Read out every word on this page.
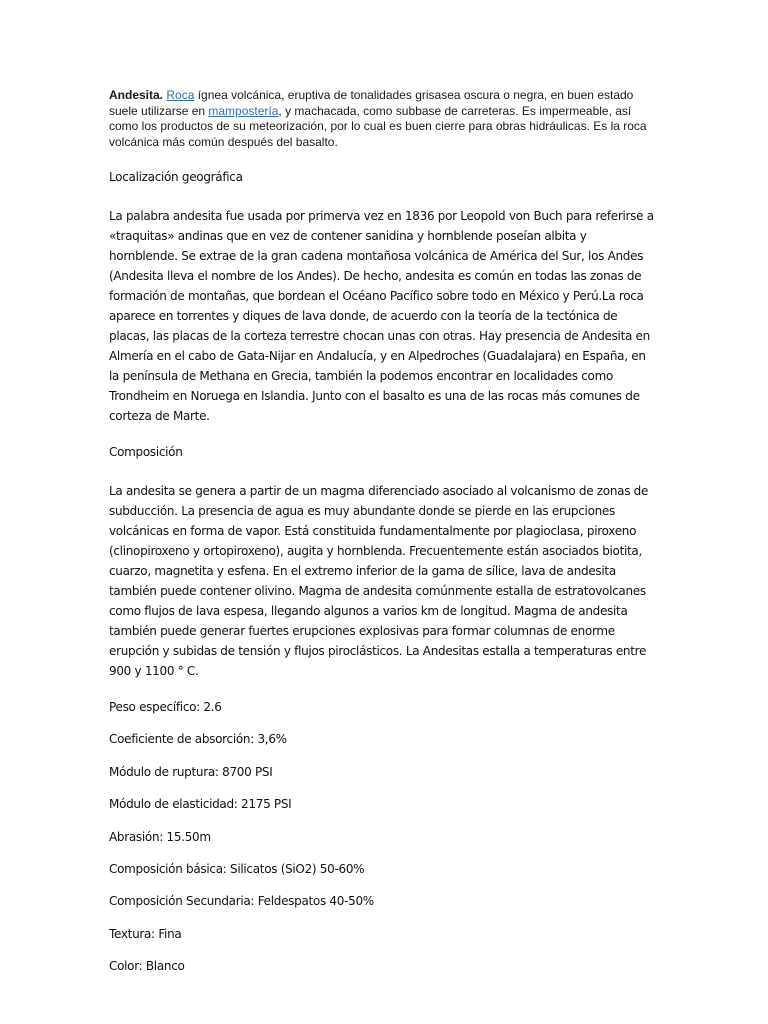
Andesita. Roca ígnea volcánica, eruptiva de tonalidades grisasea oscura o negra, en buen estado suele utilizarse en mampostería, y machacada, como subbase de carreteras. Es impermeable, así como los productos de su meteorización, por lo cual es buen cierre para obras hidráulicas. Es la roca volcánica más común después del basalto.

Localización geográfica

La palabra andesita fue usada por primerva vez en 1836 por Leopold von Buch para referirse a «traquitas» andinas que en vez de contener sanidina y hornblende poseían albita y hornblende. Se extrae de la gran cadena montañosa volcánica de América del Sur, los Andes (Andesita lleva el nombre de los Andes). De hecho, andesita es común en todas las zonas de formación de montañas, que bordean el Océano Pacífico sobre todo en México y Perú.La roca aparece en torrentes y diques de lava donde, de acuerdo con la teoría de la tectónica de placas, las placas de la corteza terrestre chocan unas con otras. Hay presencia de Andesita en Almería en el cabo de Gata-Nijar en Andalucía, y en Alpedroches (Guadalajara) en España, en la península de Methana en Grecia, también la podemos encontrar en localidades como Trondheim en Noruega en Islandia. Junto con el basalto es una de las rocas más comunes de corteza de Marte.

Composición

La andesita se genera a partir de un magma diferenciado asociado al volcanismo de zonas de subducción. La presencia de agua es muy abundante donde se pierde en las erupciones volcánicas en forma de vapor. Está constituida fundamentalmente por plagioclasa, piroxeno (clinopiroxeno y ortopiroxeno), augita y hornblenda. Frecuentemente están asociados biotita, cuarzo, magnetita y esfena. En el extremo inferior de la gama de sílice, lava de andesita también puede contener olivino. Magma de andesita comúnmente estalla de estratovolcanes como flujos de lava espesa, llegando algunos a varios km de longitud. Magma de andesita también puede generar fuertes erupciones explosivas para formar columnas de enorme erupción y subidas de tensión y flujos piroclásticos. La Andesitas estalla a temperaturas entre 900 y 1100 ° C.

Peso específico: 2.6

Coeficiente de absorción: 3,6%

Módulo de ruptura: 8700 PSI

Módulo de elasticidad: 2175 PSI

Abrasión: 15.50m

Composición básica: Silicatos (SiO2) 50-60%

Composición Secundaria: Feldespatos 40-50%

Textura: Fina

Color: Blanco
